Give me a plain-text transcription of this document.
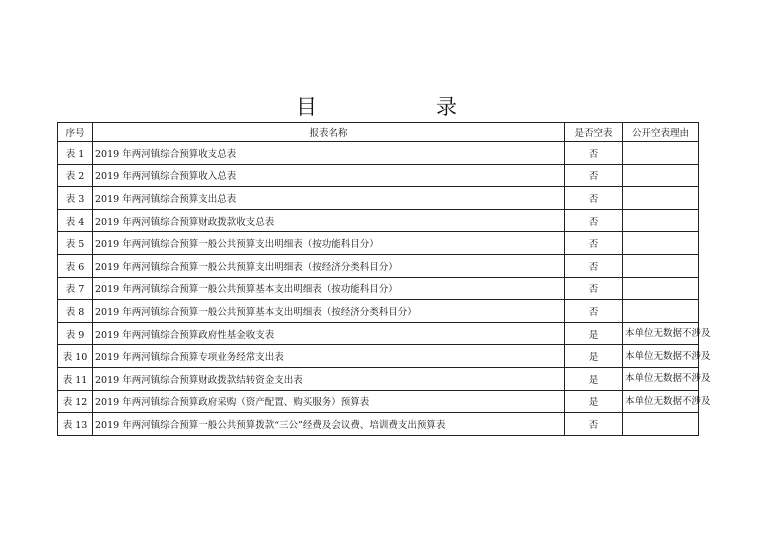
目	录
序号	报表名称	是否空表	公开空表理由
表 1	2019 年两河镇综合预算收支总表	否	
表 2	2019 年两河镇综合预算收入总表	否	
表 3	2019 年两河镇综合预算支出总表	否	
表 4	2019 年两河镇综合预算财政拨款收支总表	否	
表 5	2019 年两河镇综合预算一般公共预算支出明细表（按功能科目分）	否	
表 6	2019 年两河镇综合预算一般公共预算支出明细表（按经济分类科目分）	否	
表 7	2019 年两河镇综合预算一般公共预算基本支出明细表（按功能科目分）	否	
表 8	2019 年两河镇综合预算一般公共预算基本支出明细表（按经济分类科目分）	否	
表 9	2019 年两河镇综合预算政府性基金收支表	是	本单位无数据不涉及
表 10	2019 年两河镇综合预算专项业务经常支出表	是	本单位无数据不涉及
表 11	2019 年两河镇综合预算财政拨款结转资金支出表	是	本单位无数据不涉及
表 12	2019 年两河镇综合预算政府采购（资产配置、购买服务）预算表	是	本单位无数据不涉及
表 13	2019 年两河镇综合预算一般公共预算拨款“三公”经费及会议费、培训费支出预算表	否	
